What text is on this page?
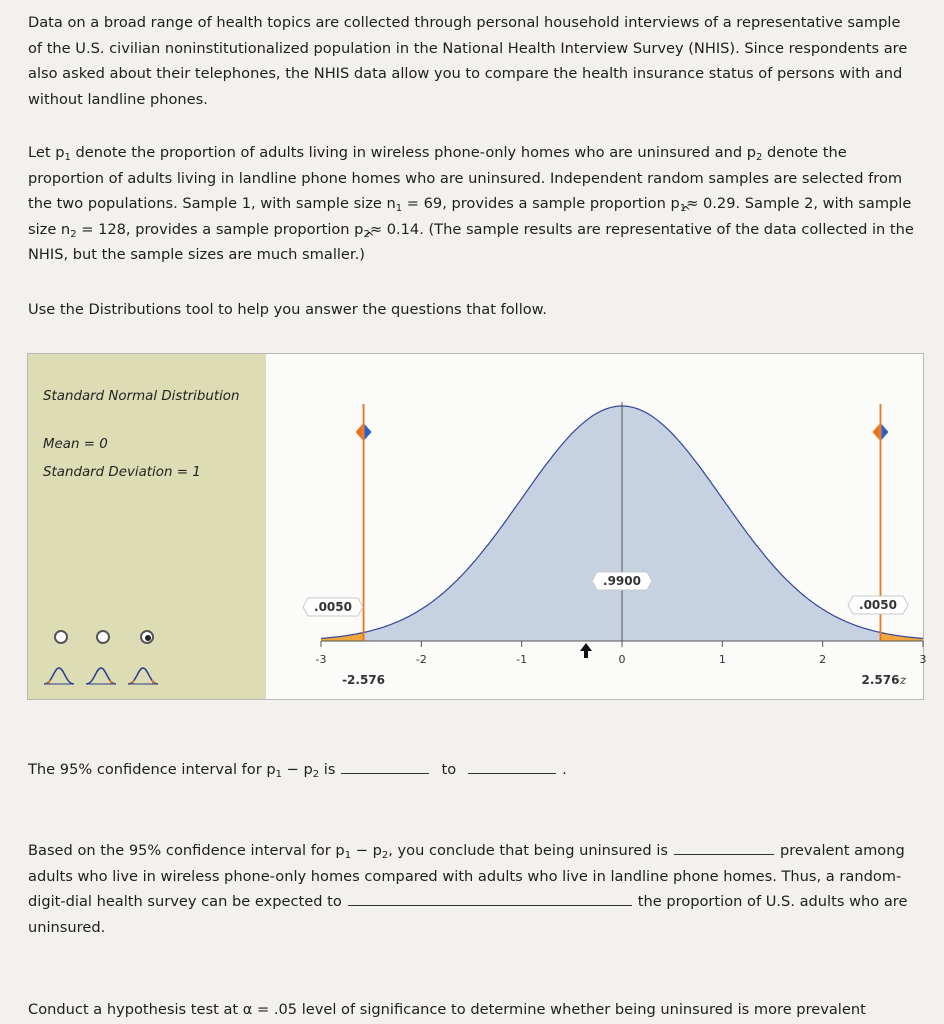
Data on a broad range of health topics are collected through personal household interviews of a representative sample of the U.S. civilian noninstitutionalized population in the National Health Interview Survey (NHIS). Since respondents are also asked about their telephones, the NHIS data allow you to compare the health insurance status of persons with and without landline phones.

Let $p_1$ denote the proportion of adults living in wireless phone-only homes who are uninsured and $p_2$ denote the proportion of adults living in landline phone homes who are uninsured. Independent random samples are selected from the two populations. Sample 1, with sample size $n_1 = 69$, provides a sample proportion $p_1\approx 0.29$. Sample 2, with sample size $n_2 = 128$, provides a sample proportion $p_2\approx 0.14$. (The sample results are representative of the data collected in the NHIS, but the sample sizes are much smaller.)

Use the Distributions tool to help you answer the questions that follow.

Standard Normal Distribution
Mean = 0
Standard Deviation = 1
-3	-2	-1	0	1	2	3
-2.576	2.576 z
.9900
.0050	.0050

The 95% confidence interval for $p_1 - p_2$ is	to	.

Based on the 95% confidence interval for $p_1 - p_2$, you conclude that being uninsured is	prevalent among adults who live in wireless phone-only homes compared with adults who live in landline phone homes. Thus, a random-digit-dial health survey can be expected to	the proportion of U.S. adults who are uninsured.

Conduct a hypothesis test at α = .05 level of significance to determine whether being uninsured is more prevalent
